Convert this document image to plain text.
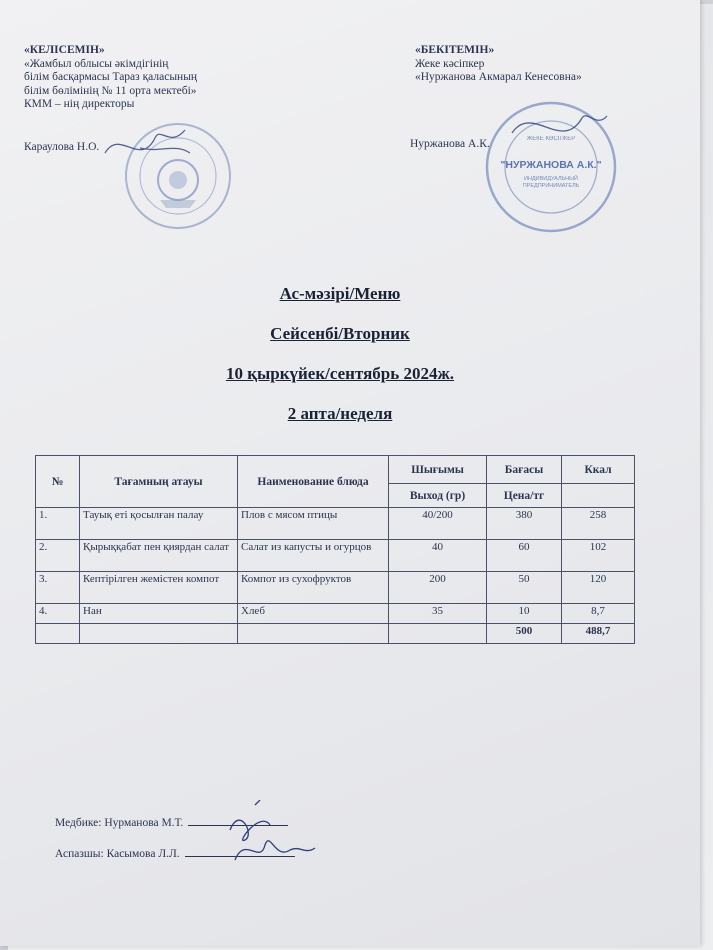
«КЕЛІСЕМІН»
«Жамбыл облысы әкімдігінің
білім басқармасы Тараз қаласының
білім бөлімінің № 11 орта мектебі»
КММ – нің директоры
Караулова Н.О.
«БЕКІТЕМІН»
Жеке кәсіпкер
«Нуржанова Акмарал Кенесовна»
Нуржанова А.К.	ЖЕКЕ КӘСІПКЕР
"НУРЖАНОВА А.К."
ИНДИВИДУАЛЬНЫЙ ПРЕДПРИНИМАТЕЛЬ
Ас-мәзірі/Меню
Сейсенбі/Вторник
10 қыркүйек/сентябрь 2024ж.
2 апта/неделя
№	Тағамның атауы	Наименование блюда	Шығымы	Бағасы	Ккал
			Выход (гр)	Цена/тг	
1.	Тауық еті қосылған палау	Плов с мясом птицы	40/200	380	258
2.	Қырыққабат пен қиярдан салат	Салат из капусты и огурцов	40	60	102
3.	Кептірілген жемістен компот	Компот из сухофруктов	200	50	120
4.	Нан	Хлеб	35	10	8,7
				500	488,7
Медбике: Нурманова М.Т.
Аспазшы: Касымова Л.Л.
